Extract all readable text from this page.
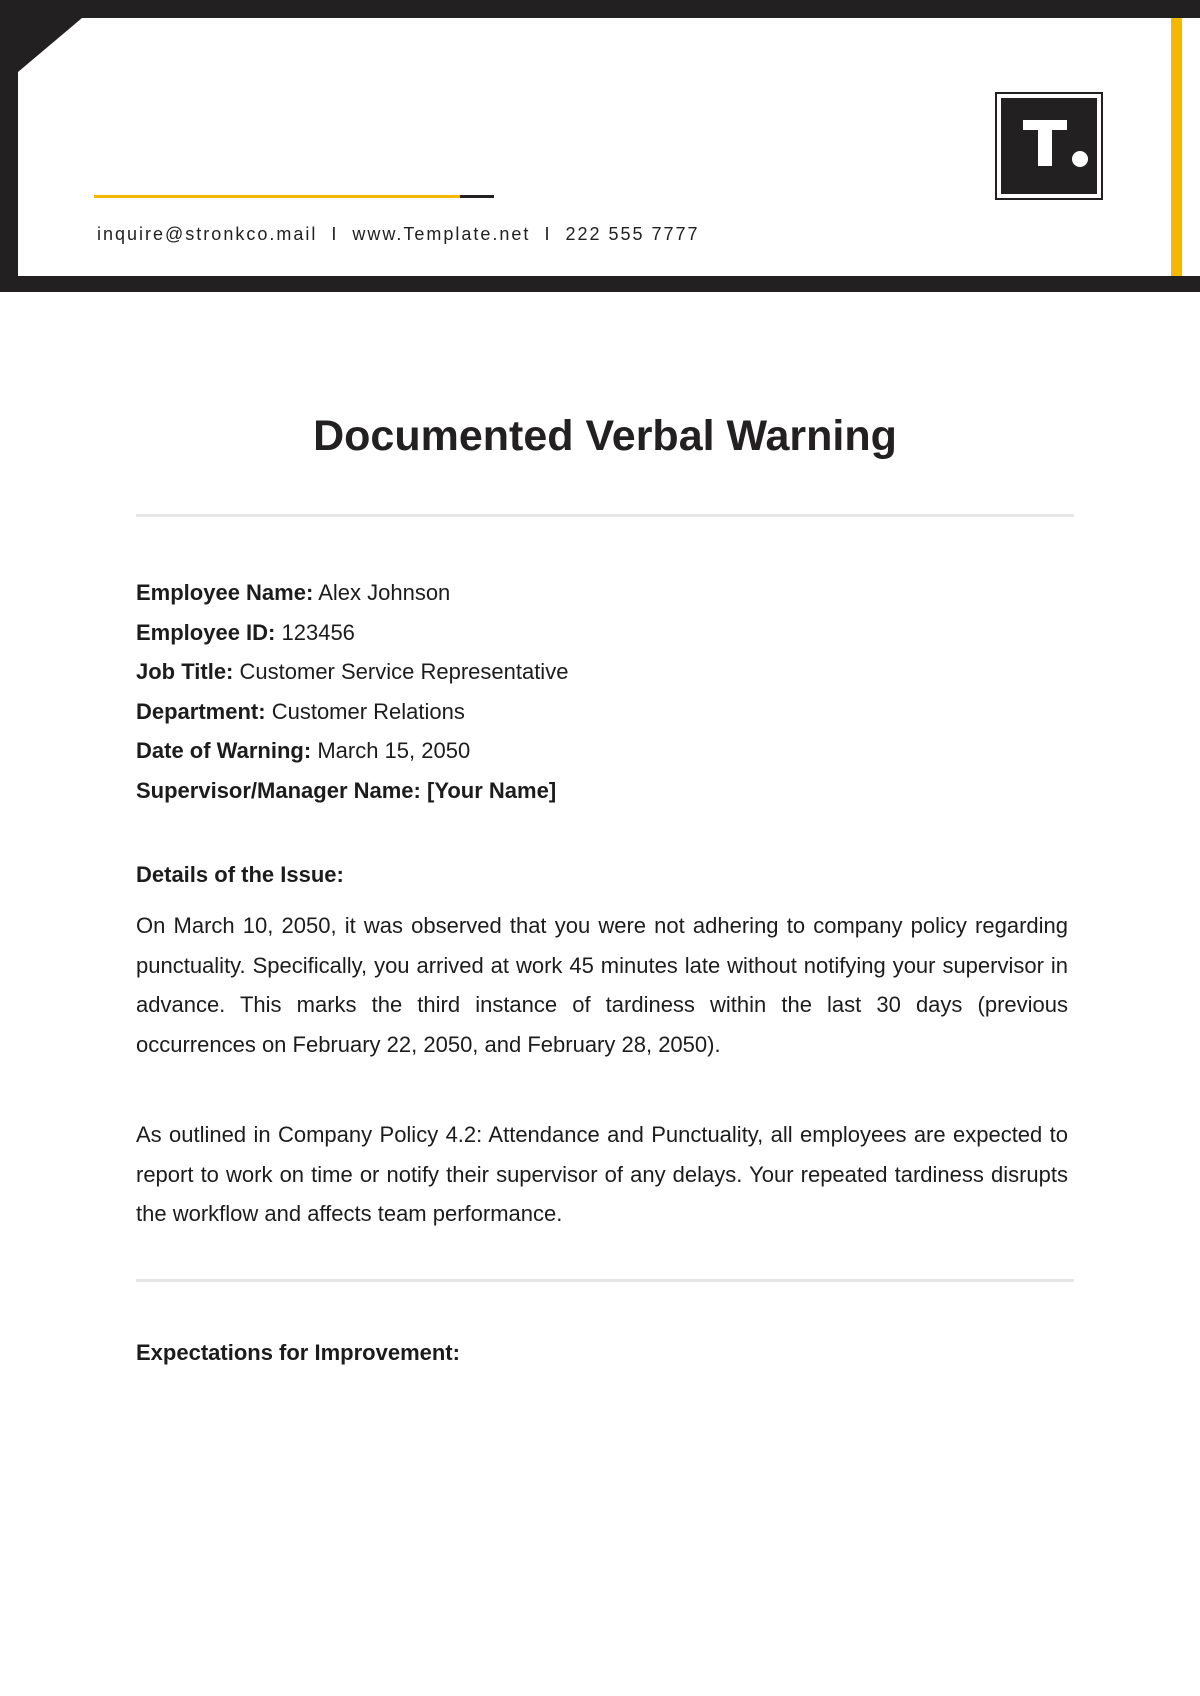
inquire@stronkco.mail I www.Template.net I 222 555 7777
Documented Verbal Warning
Employee Name: Alex Johnson
Employee ID: 123456
Job Title: Customer Service Representative
Department: Customer Relations
Date of Warning: March 15, 2050
Supervisor/Manager Name: [Your Name]
Details of the Issue:

On March 10, 2050, it was observed that you were not adhering to company policy regarding punctuality. Specifically, you arrived at work 45 minutes late without notifying your supervisor in advance. This marks the third instance of tardiness within the last 30 days (previous occurrences on February 22, 2050, and February 28, 2050).

As outlined in Company Policy 4.2: Attendance and Punctuality, all employees are expected to report to work on time or notify their supervisor of any delays. Your repeated tardiness disrupts the workflow and affects team performance.

Expectations for Improvement:
